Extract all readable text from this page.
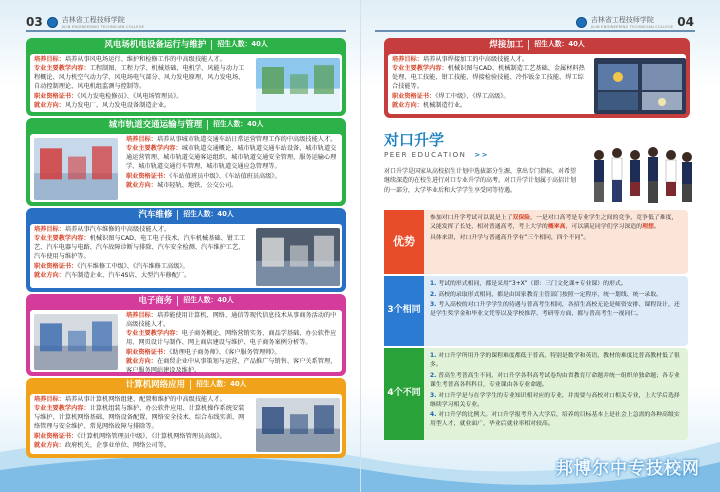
03	吉林省工程技师学院
JILIN ENGINEERING TECHNICIAN COLLEGE
风电场机电设备运行与维护	招生人数：40人
培养目标：培养从事风电场运行、维护和检修工作的中高级技能人才。
专业主要教学内容：工程制图、工程力学、机械基础、电机学、风能与动力工程概论、风力机空气动力学、风电场电气部分、风力发电原理、风力发电场、自动控制理论、风电机组监测与控制等。
职业资格证书：《风力发电检修员》、《风电场管理员》。
就业方向：风力发电厂、风力发电设备制造企业。
城市轨道交通运输与管理	招生人数：40人
培养目标：培养从事城市轨道交通车站日常运营管理工作的中高级技能人才。
专业主要教学内容：城市轨道交通概论、城市轨道交通车站设备、城市轨道交通运营管理、城市轨道交通客运组织、城市轨道交通安全管理、服务运输心理学、城市轨道交通行车管理、城市轨道交通应急管理等。
职业资格证书：《车站值班员中级》、《车站值班员高级》。
就业方向：城市轻轨、地铁、公交公司。
汽车维修	招生人数：40人
培养目标：培养从事汽车维修的中高级技能人才。
专业主要教学内容：机械识图与CAD、电工电子技术、汽车机械基础、钳工工艺、汽车电器与电路、汽车故障诊断与排除、汽车安全检测、汽车维护工艺、汽车使用与维护等。
职业资格证书：《汽车维修工中级》、《汽车维修工高级》。
就业方向：汽车制造企业、汽车4S店、大型汽车修配厂。
电子商务	招生人数：40人
培养目标：培养能使用计算机、网络、通信等现代信息技术从事商务活动的中高级技能人才。
专业主要教学内容：电子商务概论、网络营销实务、商品学基础、办公软件应用、网页设计与制作、网上商店建设与维护、电子商务案例分析等。
职业资格证书：《助理电子商务师》、《客户服务管理师》。
就业方向：在商贸企业中从事策划与运营、产品推广与销售、客户关系管理、客户服务网站建设及维护。
计算机网络应用	招生人数：40人
培养目标：培养从事计算机网络组建、配置和维护的中高级技能人才。
专业主要教学内容：计算机组装与维护、办公软件应用、计算机操作系统安装与维护、计算机网络基础、网络设备配置、网络安全技术、综合布线实训、网络管理与安全维护、常见网络故障与排除等。
职业资格证书：《计算机网络管理员中级》、《计算机网络管理员高级》。
就业方向：政府机关、企事业单位、网络公司等。
吉林省工程技师学院
JILIN ENGINEERING TECHNICIAN COLLEGE 04
焊接加工	招生人数：40人
培养目标：培养从事焊接加工的中高级技能人才。
专业主要教学内容：机械识图与CAD、机械制造工艺基础、金属材料热处理、电工技能、钳工技能、焊接检验技能、冷作钣金工技能、焊工综合技能等。
职业资格证书：《焊工中级》、《焊工高级》。
就业方向：机械制造行业。
对口升学
PEER EDUCATION >>
对口升学是国家从高校招生计划中选拔部分生源，拿出专门指标，对希望继续深造的在校生进行对口专业升学的高考。对口升学计划属于高招计划的一部分，大学毕业后和大学学生享受同等待遇。
优势

参加对口升学考试可以说是上了双保险，一是对口高考是专业学生之间的竞争，竞争低了难度，又能发挥了长处，相对普通高考，考上大学的概率高，可以满足同学们学习深造的理想。

具体来讲，对口升学与普通高升学有“三个相同，四个不同”。

3个相同

1. 考试的形式相同，都是采用“3+X”（即：三门文化课+专业课）的形式。

2. 高校的录取形式相同，都是由国家教育主管部门按照一定程序，统一划线、统一录取。

3. 考入高校的对口升学学生的待遇与普高考生相同，各招生高校无论是师资安排、课程设计，还是学生奖学金和毕业文凭等以及学校推荐、考研等方面，都与普高考生一视同仁。

4个不同

1. 对口升学所用升学的课程难度都低于普高，特别是数学和英语，教材的难度比普高教材低了很多。

2. 普高生考普高生不同，对口升学各科高考试卷均由省教育厅命题并统一组织单独命题；各专业课生考普高各科科目，专业课由各专业命题。

3. 对口升学是与在学学生的专业知识相对应的专业，并需要与高校对口相关专业，上大学后选择继续学习相关专业。

4. 对口升学的比例大。对口升学报考升入大学后，培养的目标基本上是社会上急需的各种高级实用型人才，就业面广，毕业后就业率相对较高。

邦博尔中专技校网
